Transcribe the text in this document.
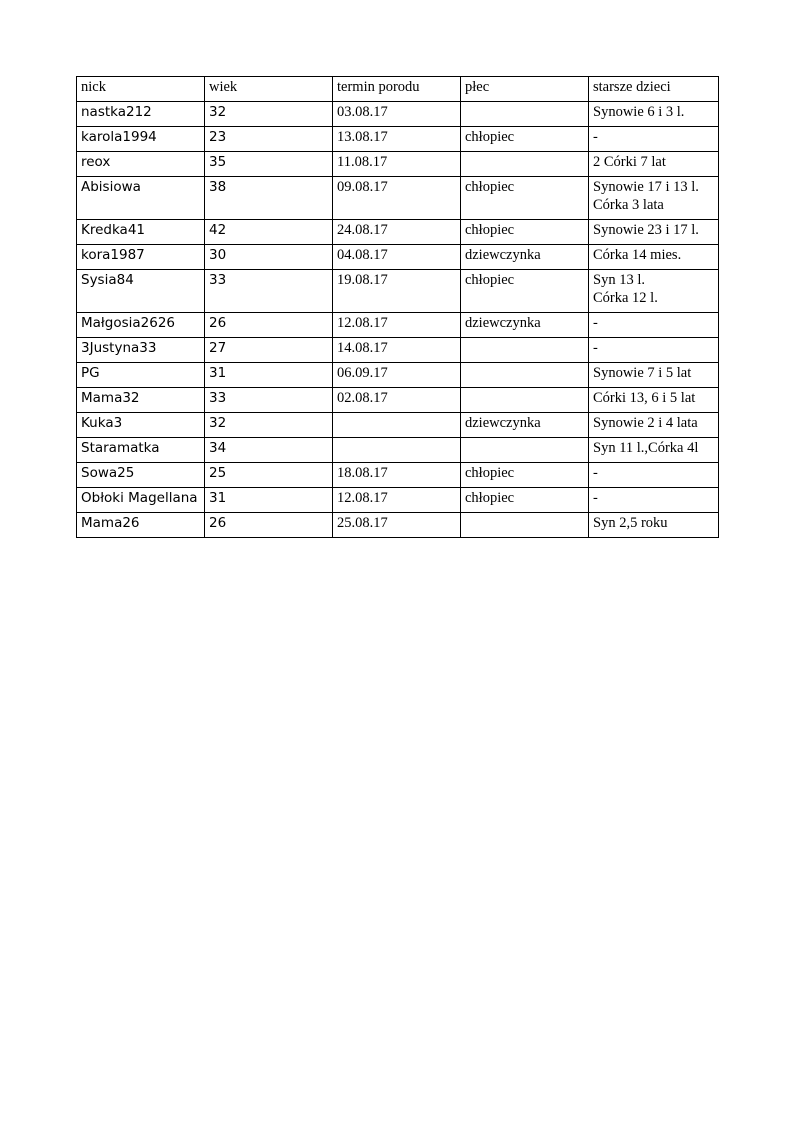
nick	wiek	termin porodu	płec	starsze dzieci
nastka212	32	03.08.17		Synowie 6 i 3 l.

karola1994	23	13.08.17	chłopiec	-

reox	35	11.08.17		2 Córki 7 lat

Abisiowa	38	09.08.17	chłopiec	Synowie 17 i 13 l.
Córka 3 lata

Kredka41	42	24.08.17	chłopiec	Synowie 23 i 17 l.

kora1987	30	04.08.17	dziewczynka	Córka 14 mies.

Sysia84	33	19.08.17	chłopiec	Syn 13 l.
Córka 12 l.

Małgosia2626	26	12.08.17	dziewczynka	-

3Justyna33	27	14.08.17		-

PG	31	06.09.17		Synowie 7 i 5 lat

Mama32	33	02.08.17		Córki 13, 6 i 5 lat

Kuka3	32		dziewczynka	Synowie 2 i 4 lata

Staramatka	34			Syn 11 l.,Córka 4l

Sowa25	25	18.08.17	chłopiec	-

Obłoki Magellana	31	12.08.17	chłopiec	-

Mama26	26	25.08.17		Syn 2,5 roku
